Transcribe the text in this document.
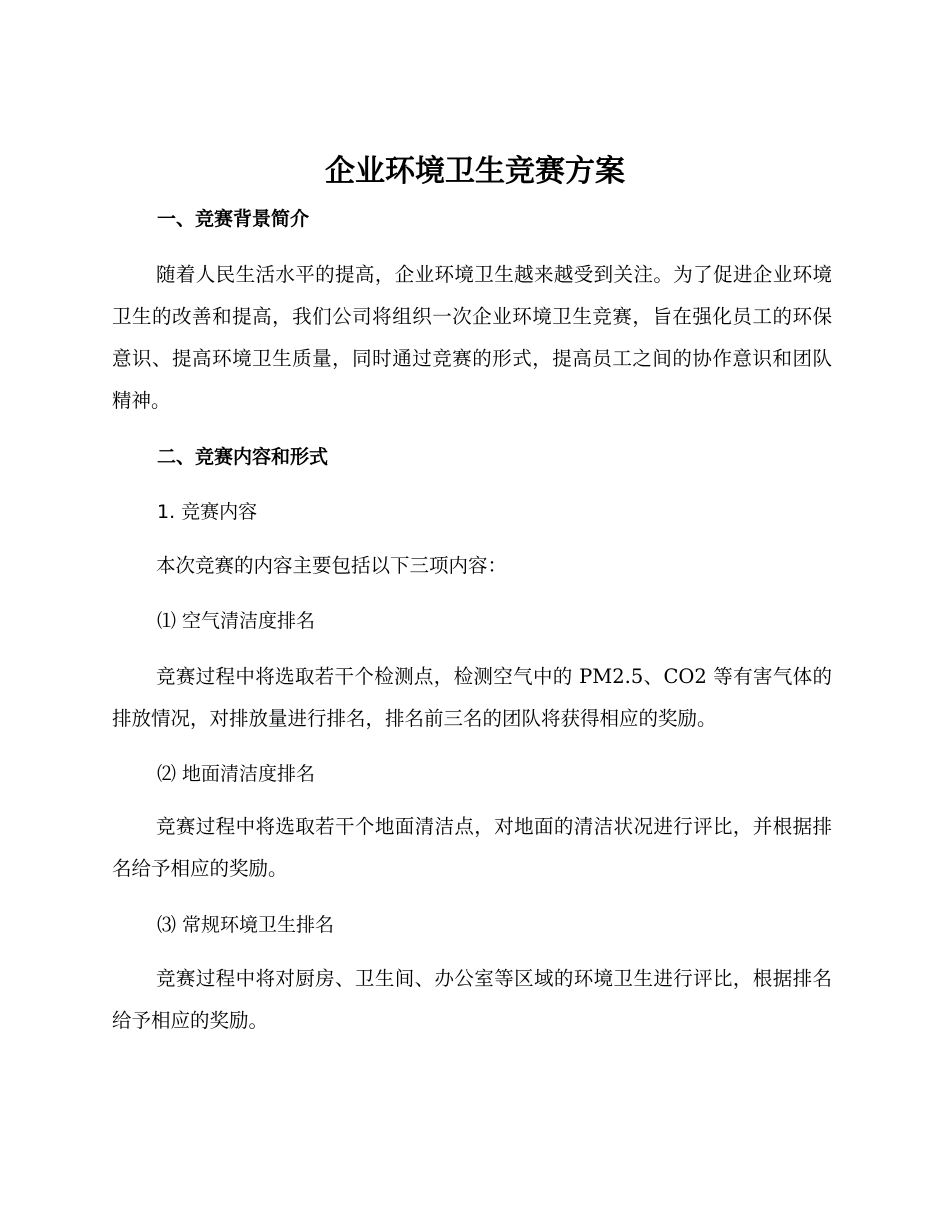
企业环境卫生竞赛方案
一、竞赛背景简介

随着人民生活水平的提高，企业环境卫生越来越受到关注。为了促进企业环境卫生的改善和提高，我们公司将组织一次企业环境卫生竞赛，旨在强化员工的环保意识、提高环境卫生质量，同时通过竞赛的形式，提高员工之间的协作意识和团队精神。

二、竞赛内容和形式
1. 竞赛内容

本次竞赛的内容主要包括以下三项内容：

⑴ 空气清洁度排名

竞赛过程中将选取若干个检测点，检测空气中的 PM2.5、CO2 等有害气体的排放情况，对排放量进行排名，排名前三名的团队将获得相应的奖励。

⑵ 地面清洁度排名

竞赛过程中将选取若干个地面清洁点，对地面的清洁状况进行评比，并根据排名给予相应的奖励。

⑶ 常规环境卫生排名

竞赛过程中将对厨房、卫生间、办公室等区域的环境卫生进行评比，根据排名给予相应的奖励。
